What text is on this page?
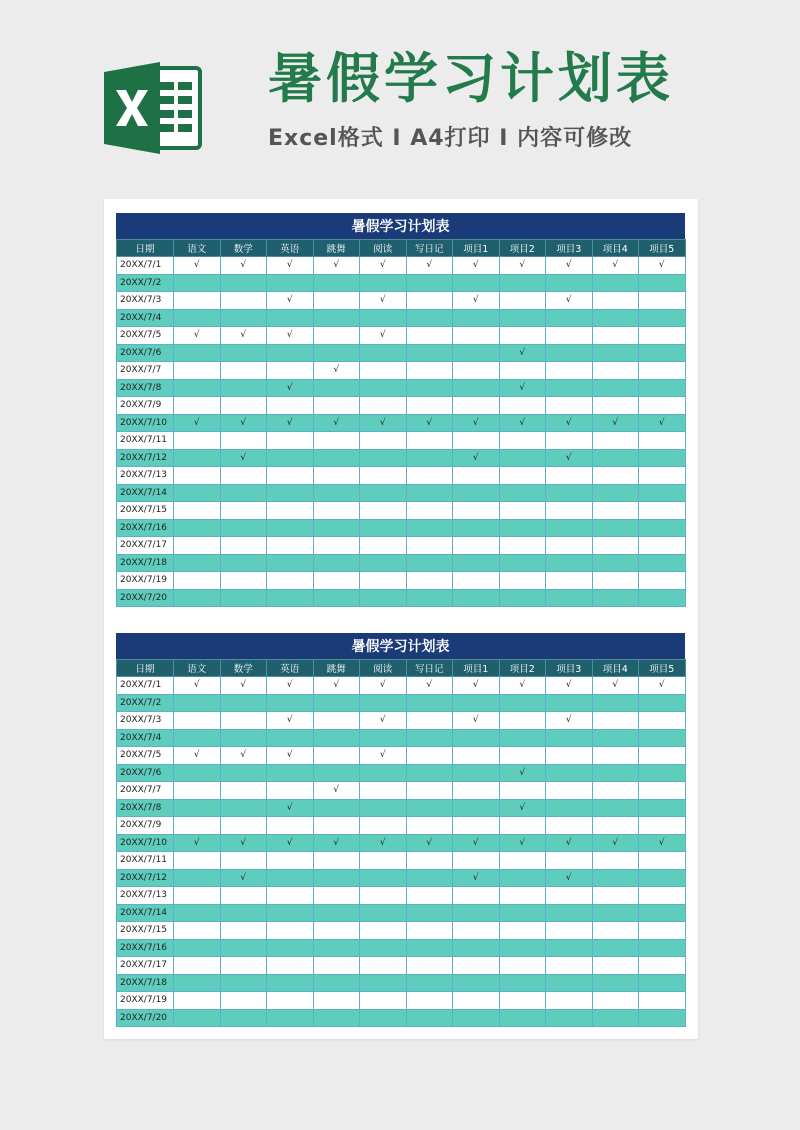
暑假学习计划表
Excel格式 I A4打印 I 内容可修改
暑假学习计划表
日期	语文	数学	英语	跳舞	阅读	写日记	项目1	项目2	项目3	项目4	项目5
20XX/7/1	√	√	√	√	√	√	√	√	√	√	√
20XX/7/2											
20XX/7/3			√		√		√		√		
20XX/7/4											
20XX/7/5	√	√	√		√						
20XX/7/6								√			
20XX/7/7				√							
20XX/7/8			√					√			
20XX/7/9											
20XX/7/10	√	√	√	√	√	√	√	√	√	√	√
20XX/7/11											
20XX/7/12		√					√		√		
20XX/7/13											
20XX/7/14											
20XX/7/15											
20XX/7/16											
20XX/7/17											
20XX/7/18											
20XX/7/19											
20XX/7/20											
暑假学习计划表
日期	语文	数学	英语	跳舞	阅读	写日记	项目1	项目2	项目3	项目4	项目5
20XX/7/1	√	√	√	√	√	√	√	√	√	√	√
20XX/7/2											
20XX/7/3			√		√		√		√		
20XX/7/4											
20XX/7/5	√	√	√		√						
20XX/7/6								√			
20XX/7/7				√							
20XX/7/8			√					√			
20XX/7/9											
20XX/7/10	√	√	√	√	√	√	√	√	√	√	√
20XX/7/11											
20XX/7/12		√					√		√		
20XX/7/13											
20XX/7/14											
20XX/7/15											
20XX/7/16											
20XX/7/17											
20XX/7/18											
20XX/7/19											
20XX/7/20											
